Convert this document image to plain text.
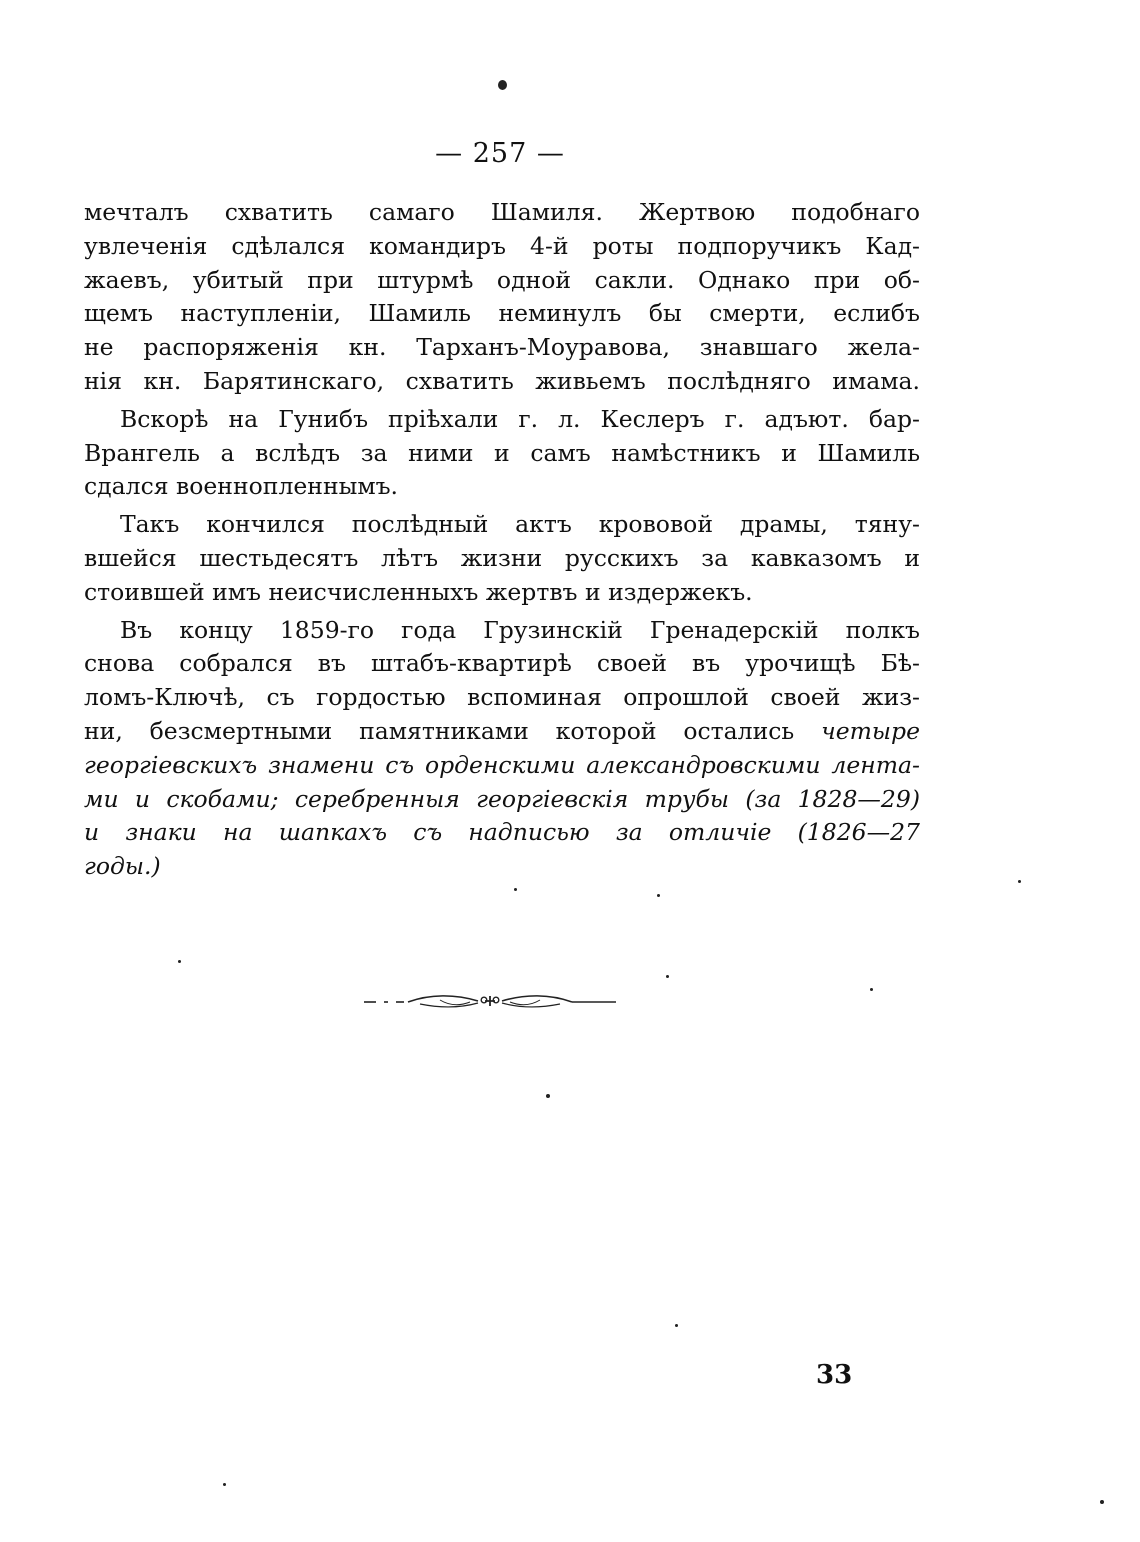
— 257 —
мечталъ схватить самаго Шамиля. Жертвою подобнаго
увлеченія сдѣлался командиръ 4-й роты подпоручикъ Кад-
жаевъ, убитый при штурмѣ одной сакли. Однако при об-
щемъ наступленіи, Шамиль неминулъ бы смерти, еслибъ
не распоряженія кн. Тарханъ-Моуравова, знавшаго жела-
нія кн. Барятинскаго, схватить живьемъ послѣдняго имама.
Вскорѣ на Гунибъ пріѣхали г. л. Кеслеръ г. адъют. бар-
Врангель а вслѣдъ за ними и самъ намѣстникъ и Шамиль
сдался военнопленнымъ.
Такъ кончился послѣдный актъ крововой драмы, тяну-
вшейся шестьдесятъ лѣтъ жизни русскихъ за кавказомъ и
стоившей имъ неисчисленныхъ жертвъ и издержекъ.
Въ концу 1859-го года Грузинскій Гренадерскій полкъ
снова собрался въ штабъ-квартирѣ своей въ урочищѣ Бѣ-
ломъ-Ключѣ, съ гордостью вспоминая опрошлой своей жиз-
ни, безсмертными памятниками которой остались четыре
георгіевскихъ знамени съ орденскими александровскими лента-
ми и скобами; серебренныя георгіевскія трубы (за 1828—29)
и знаки на шапкахъ съ надписью за отличіе (1826—27
годы.)
33
